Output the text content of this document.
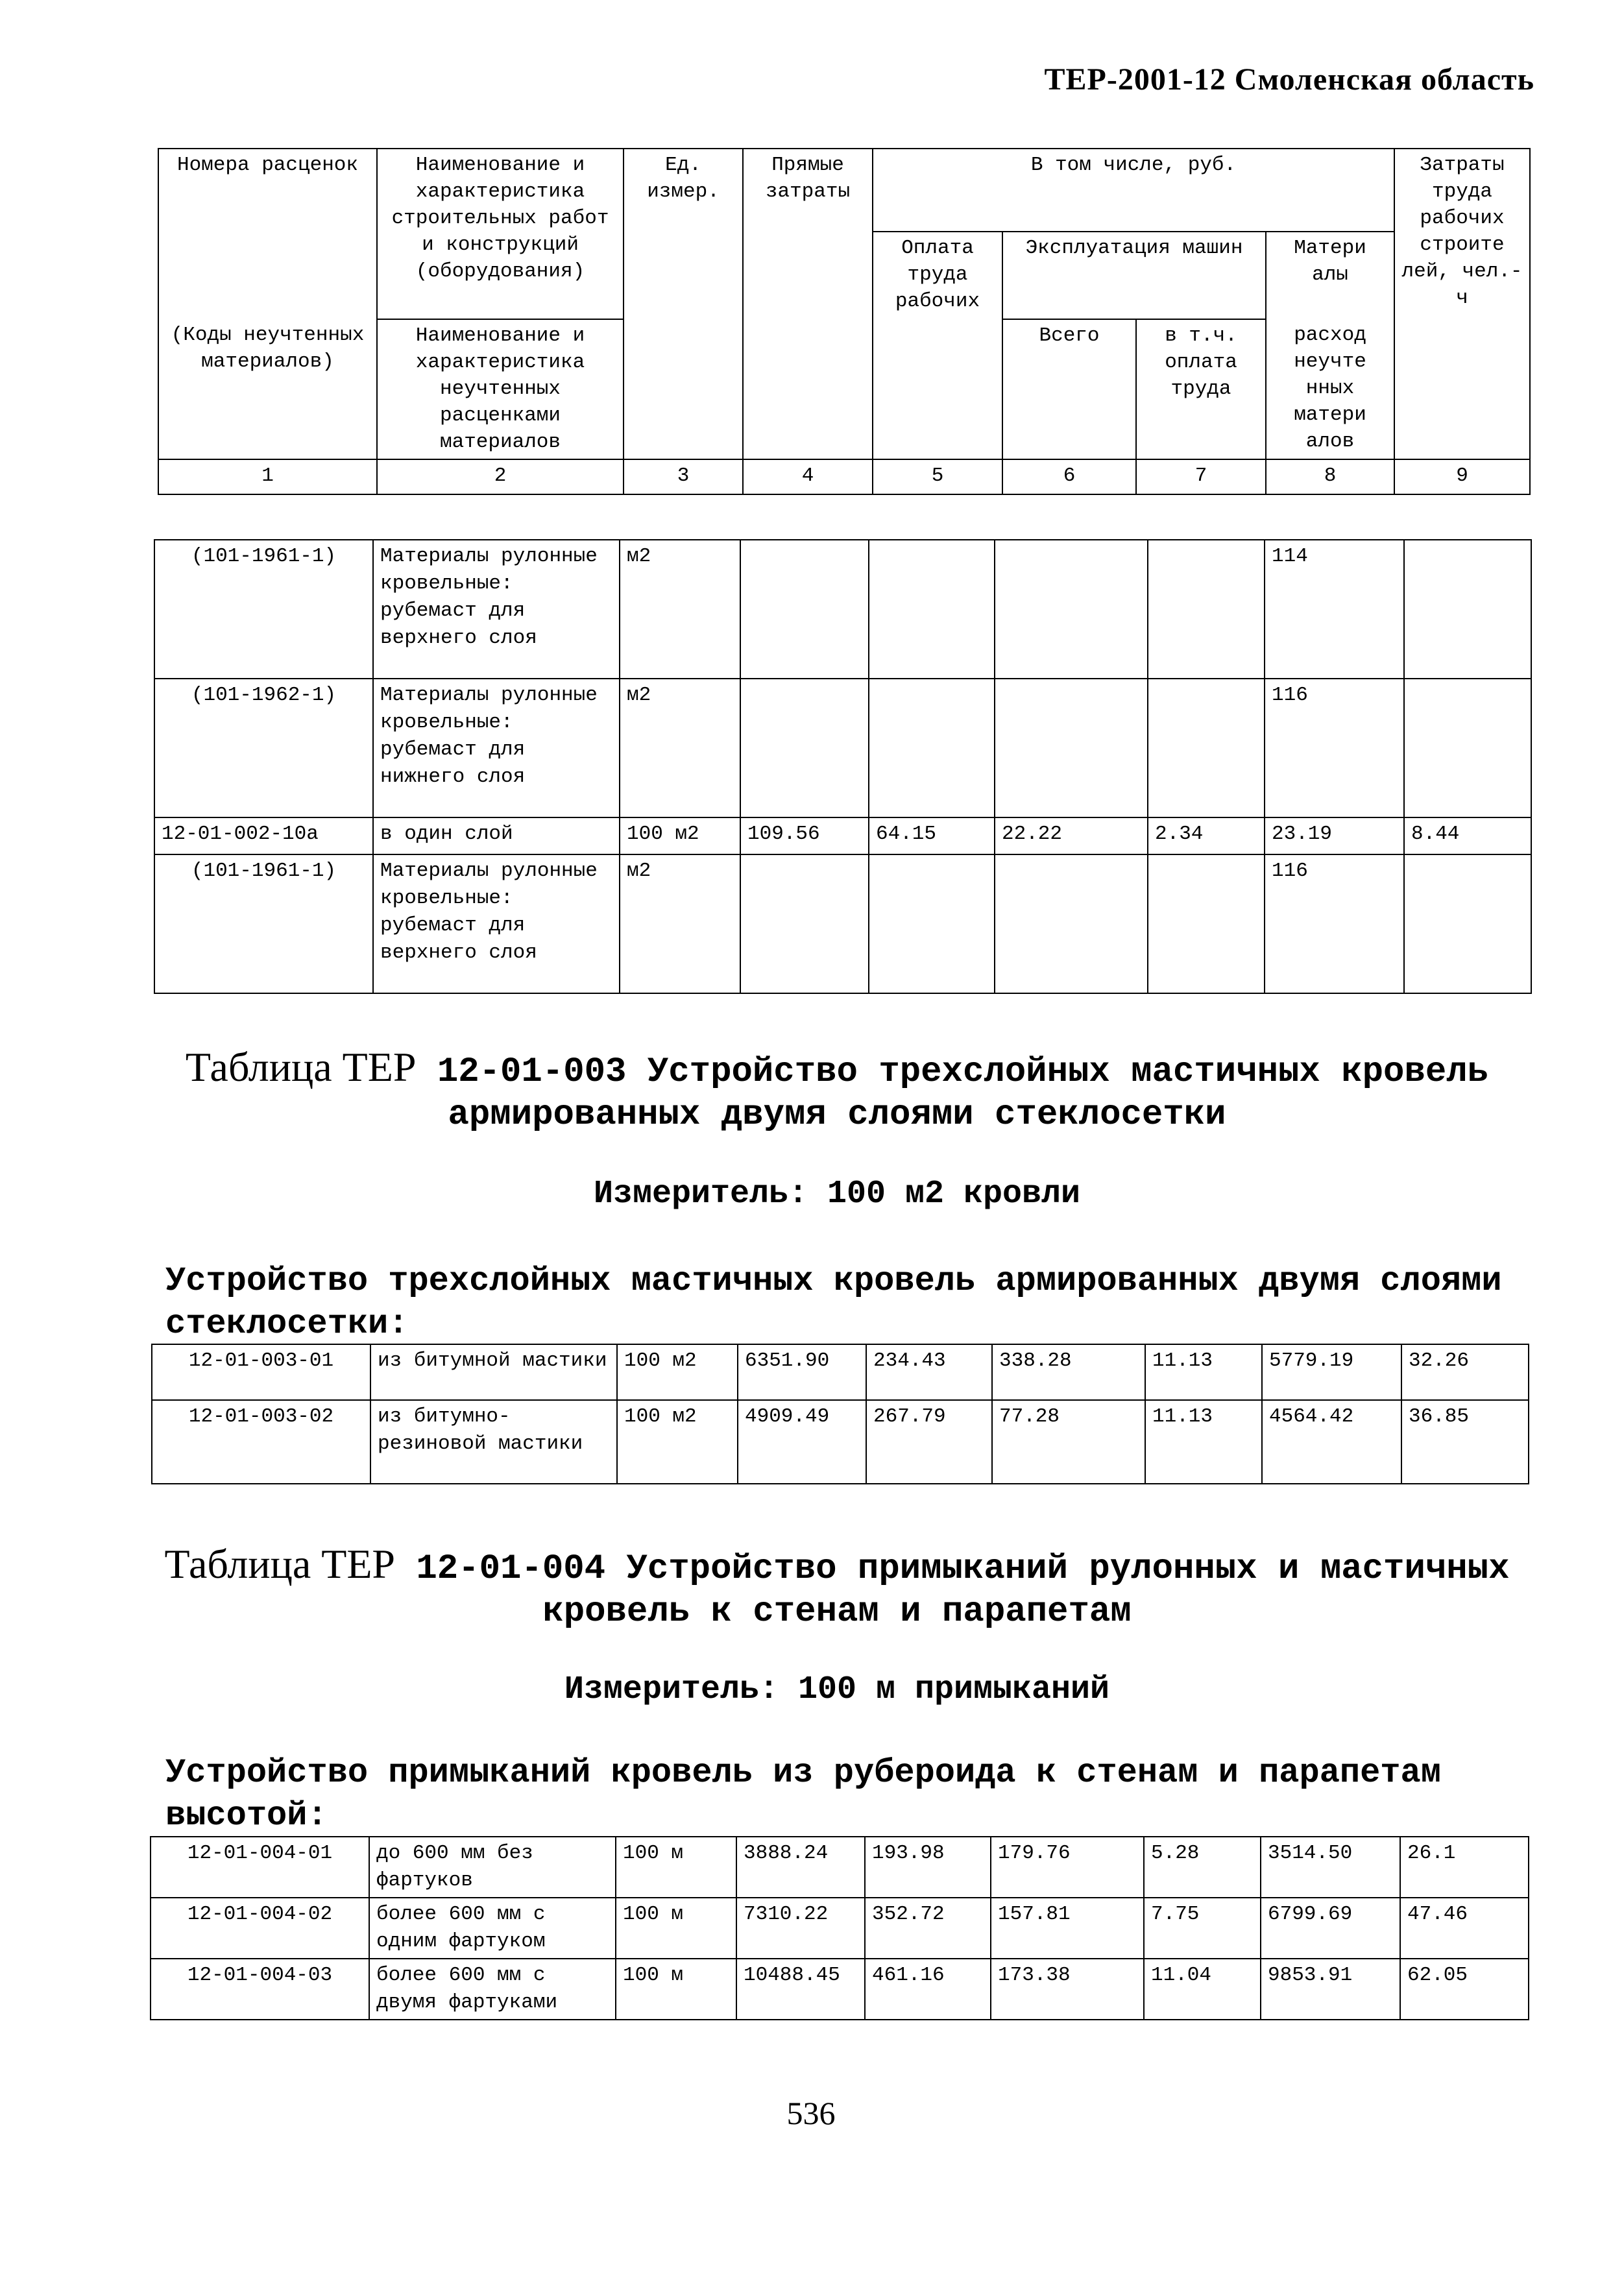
ТЕР-2001-12 Смоленская область
Номера расценок	Наименование и характеристика строительных работ и конструкций (оборудования)	Ед. измер.	Прямые затраты	В том числе, руб.				Затраты труда рабочих строите лей, чел.-ч
				Оплата труда рабочих	Эксплуатация машин		Матери алы	
(Коды неучтенных материалов)	Наименование и характеристика неучтенных расценками материалов				Всего	в т.ч. оплата труда	расход неучте нных матери алов	
1	2	3	4	5	6	7	8	9
(101-1961-1)	Материалы рулонные кровельные: рубемаст для верхнего слоя	м2					114	
(101-1962-1)	Материалы рулонные кровельные: рубемаст для нижнего слоя	м2					116	
12-01-002-10а	в один слой	100 м2	109.56	64.15	22.22	2.34	23.19	8.44
(101-1961-1)	Материалы рулонные кровельные: рубемаст для верхнего слоя	м2					116	
Таблица ТЕР 12-01-003 Устройство трехслойных мастичных кровель армированных двумя слоями стеклосетки
Измеритель: 100 м2 кровли
Устройство трехслойных мастичных кровель армированных двумя слоями стеклосетки:
12-01-003-01	из битумной мастики	100 м2	6351.90	234.43	338.28	11.13	5779.19	32.26
12-01-003-02	из битумно-резиновой мастики	100 м2	4909.49	267.79	77.28	11.13	4564.42	36.85
Таблица ТЕР 12-01-004 Устройство примыканий рулонных и мастичных кровель к стенам и парапетам
Измеритель: 100 м примыканий
Устройство примыканий кровель из рубероида к стенам и парапетам высотой:
12-01-004-01	до 600 мм без фартуков	100 м	3888.24	193.98	179.76	5.28	3514.50	26.1
12-01-004-02	более 600 мм с одним фартуком	100 м	7310.22	352.72	157.81	7.75	6799.69	47.46
12-01-004-03	более 600 мм с двумя фартуками	100 м	10488.45	461.16	173.38	11.04	9853.91	62.05
536
